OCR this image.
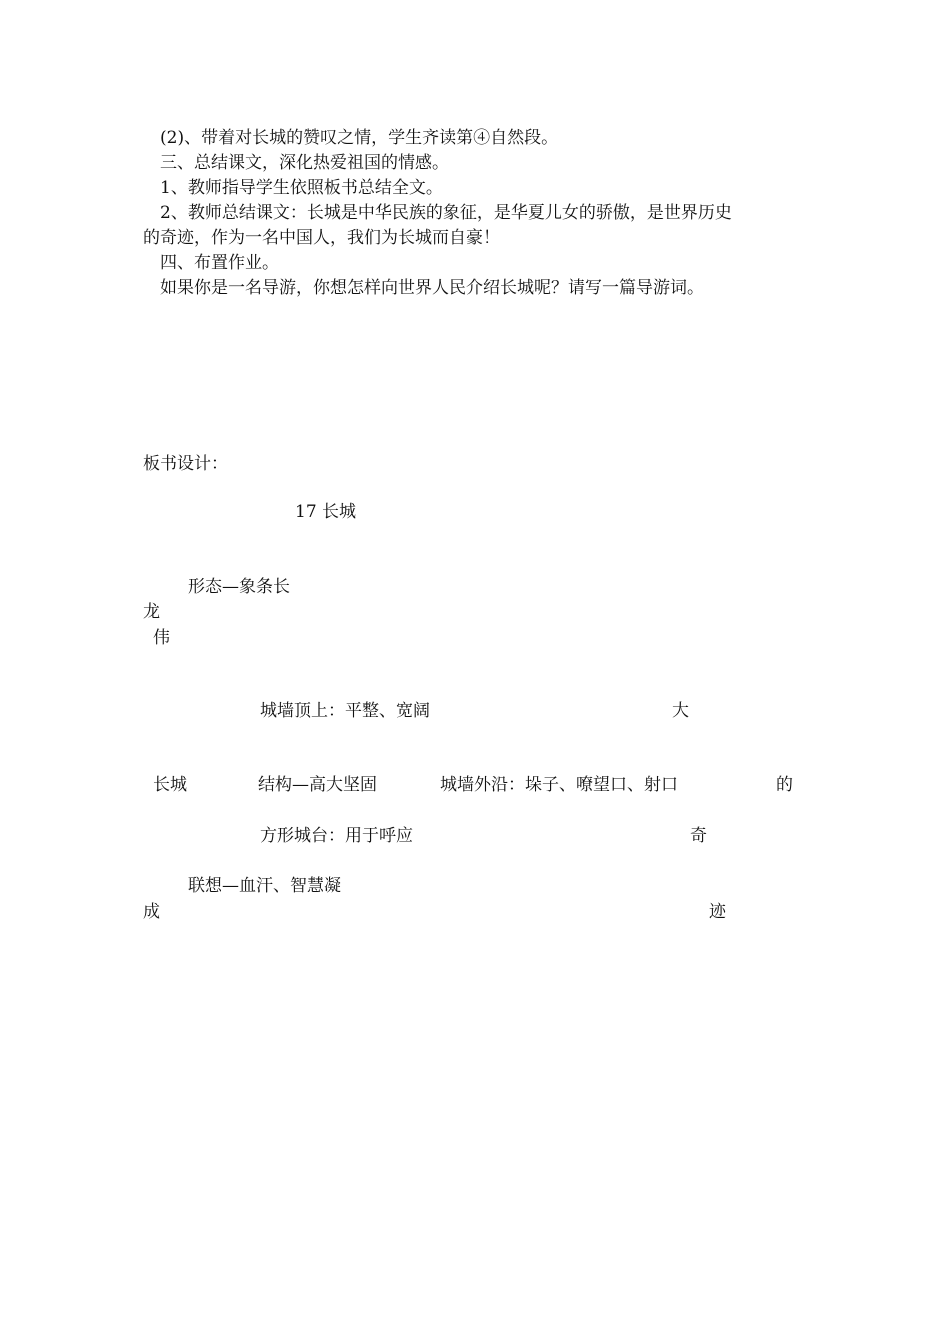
(2)、带着对长城的赞叹之情，学生齐读第④自然段。
三、总结课文，深化热爱祖国的情感。
1、教师指导学生依照板书总结全文。
2、教师总结课文：长城是中华民族的象征，是华夏儿女的骄傲，是世界历史
的奇迹，作为一名中国人，我们为长城而自豪！
四、布置作业。
如果你是一名导游，你想怎样向世界人民介绍长城呢？请写一篇导游词。
板书设计：
17 长城
形态—象条长
龙
伟
城墙顶上：平整、宽阔	大
长城	结构—高大坚固	城墙外沿：垛子、嘹望口、射口	的
方形城台：用于呼应	奇
联想—血汗、智慧凝
成	迹
